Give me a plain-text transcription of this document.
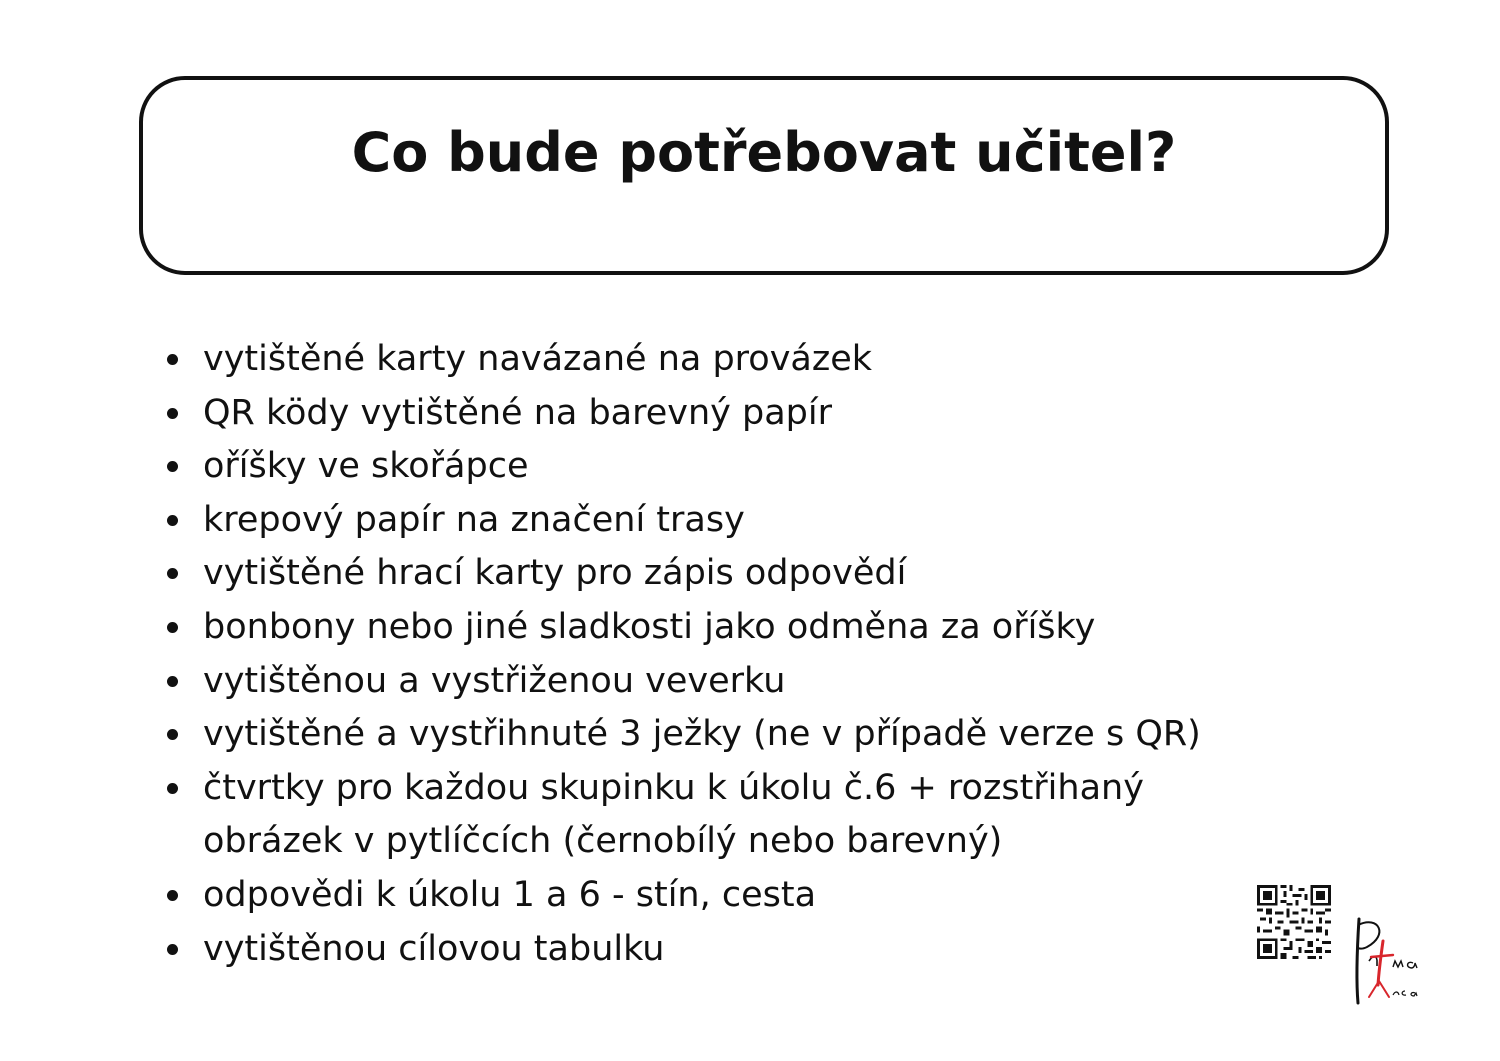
Co bude potřebovat učitel?
vytištěné karty navázané na provázek
QR ködy vytištěné na barevný papír
oříšky ve skořápce
krepový papír na značení trasy
vytištěné hrací karty pro zápis odpovědí
bonbony nebo jiné sladkosti jako odměna za oříšky
vytištěnou a vystřiženou veverku
vytištěné a vystřihnuté 3 ježky (ne v případě verze s QR)
čtvrtky pro každou skupinku k úkolu č.6 + rozstřihaný
obrázek v pytlíčcích (černobílý nebo barevný)
odpovědi k úkolu 1 a 6 - stín, cesta
vytištěnou cílovou tabulku
